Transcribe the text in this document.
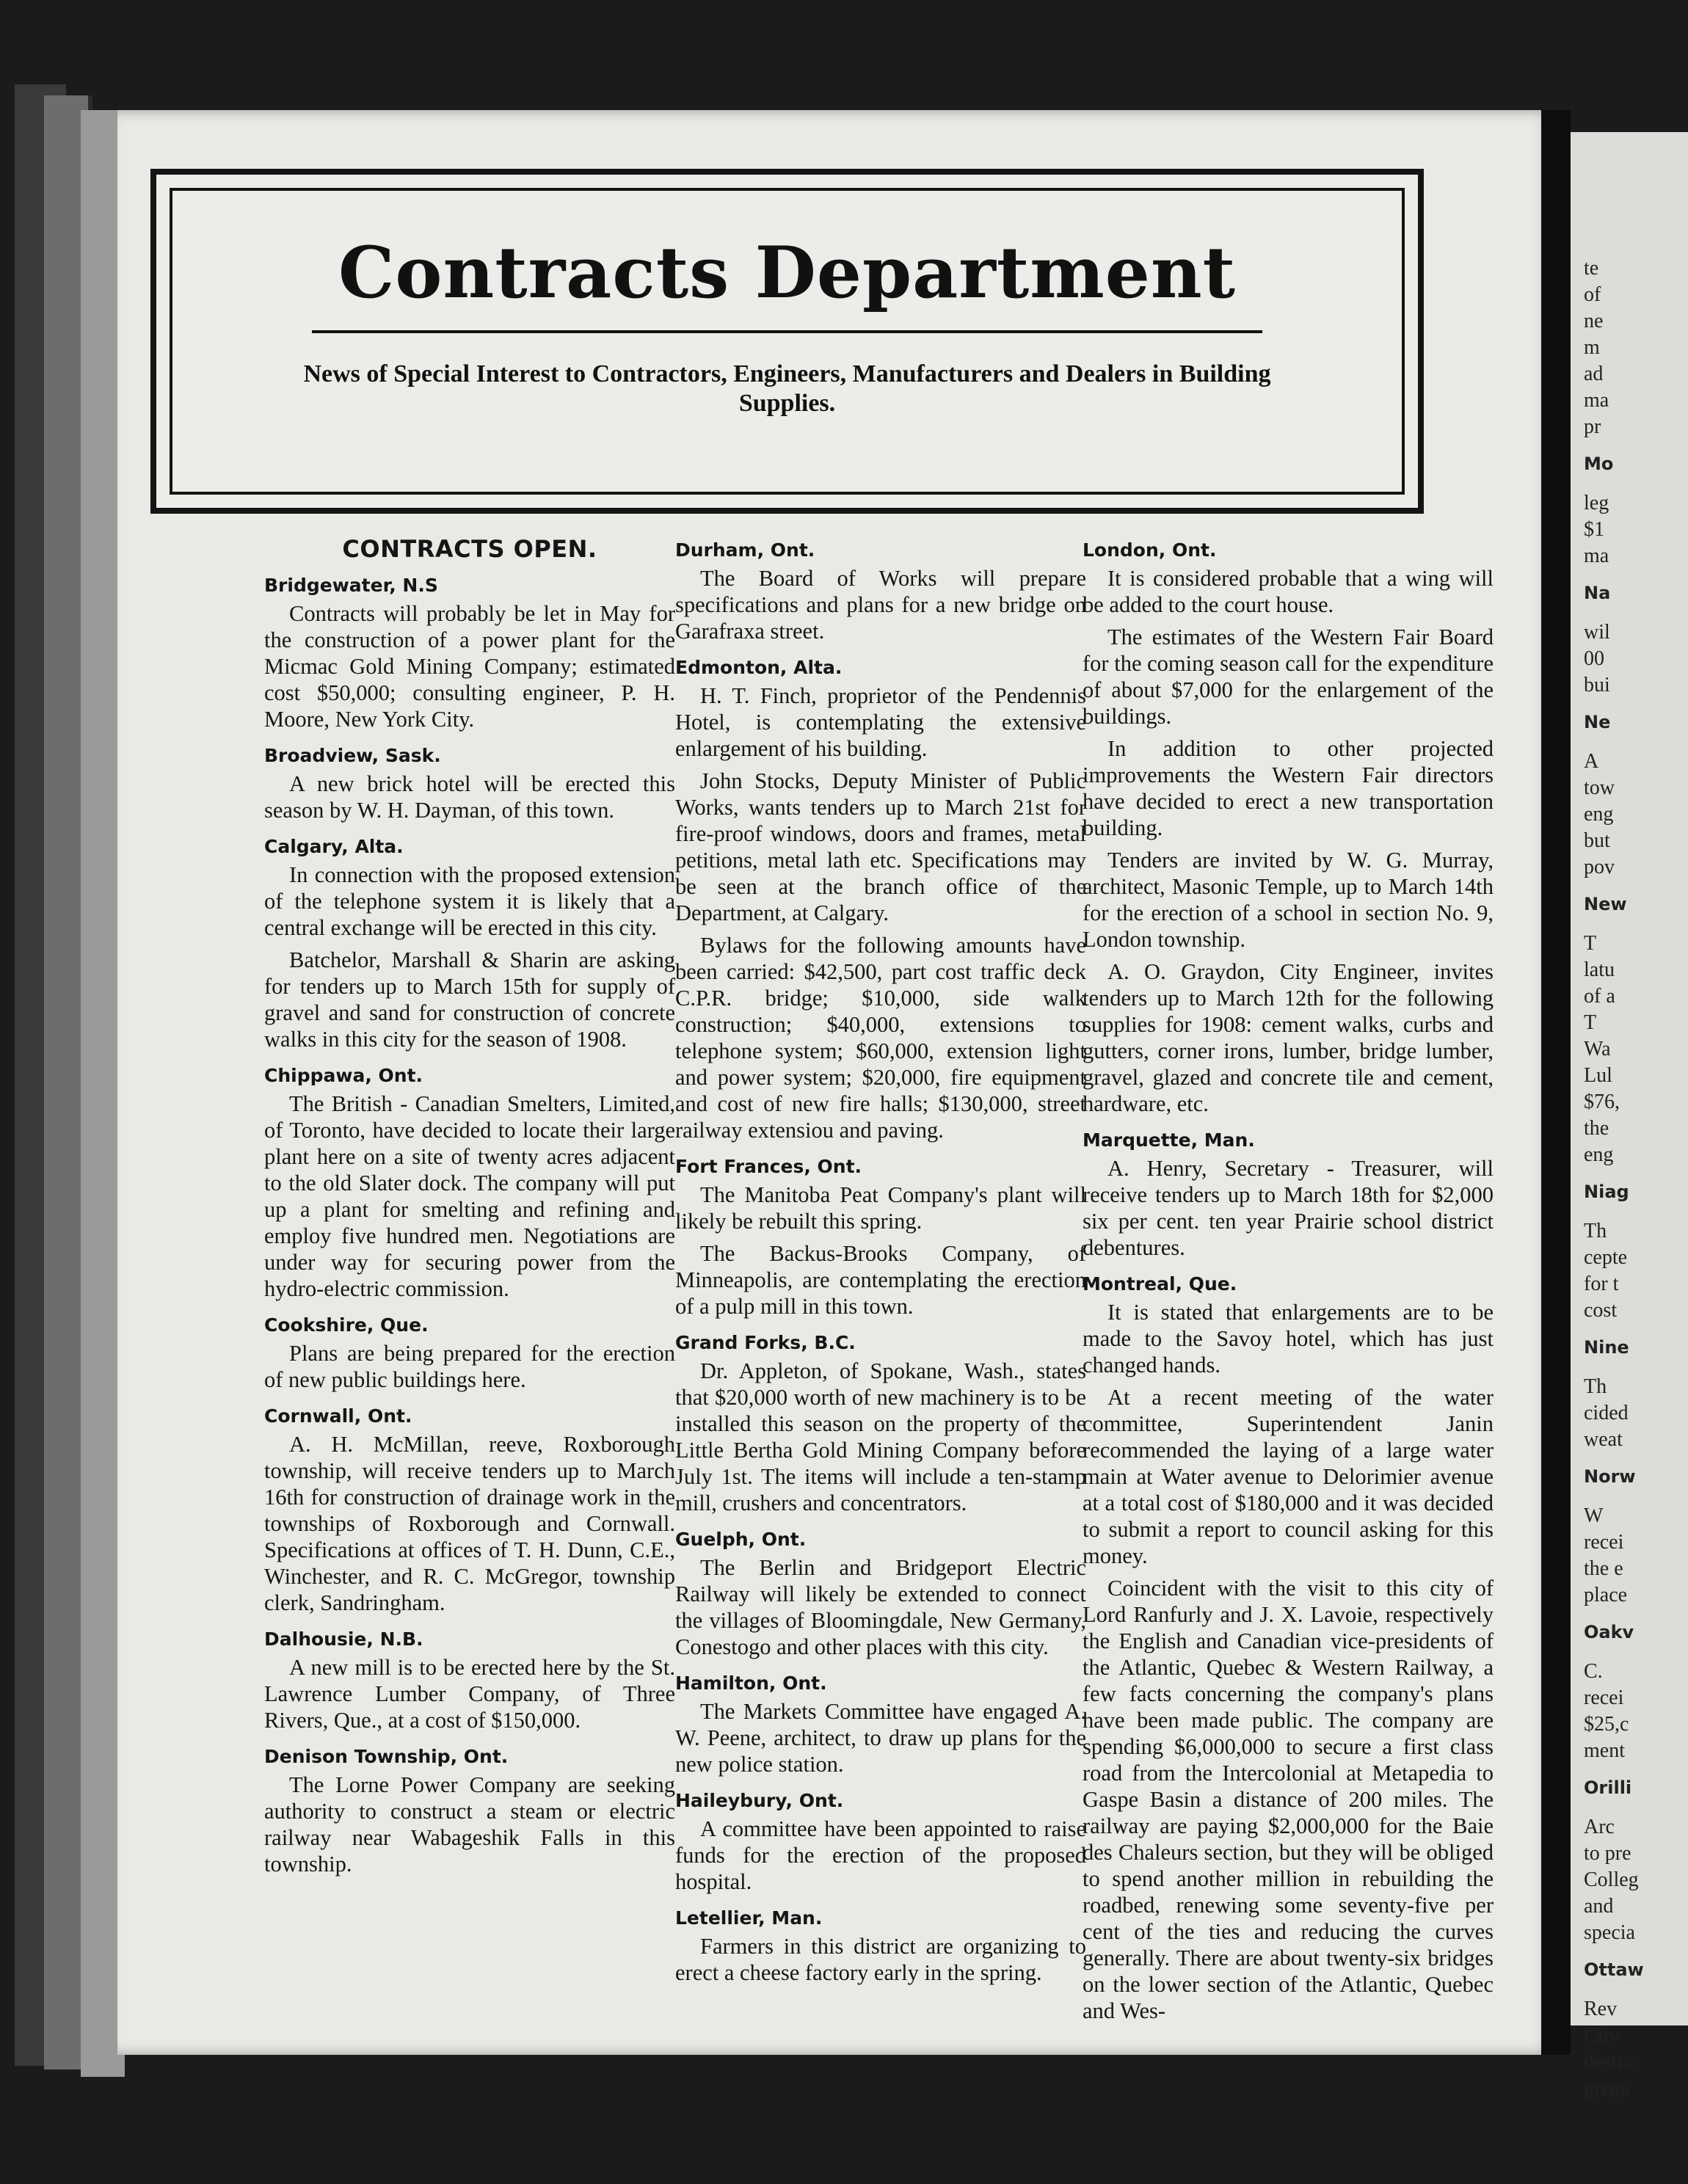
te
of
ne
m
ad
ma
pr
Mo
leg
$1
ma
Na
wil
00
bui
Ne
A
tow
eng
but
pov
New
T
latu
of a
T
Wa
Lul
$76,
the
eng
Niag
Th
cepte
for t
cost
Nine
Th
cided
weat
Norw
W
recei
the e
place
Oakv
C.
recei
$25,c
ment
Orilli
Arc
to pre
Colleg
and
specia
Ottaw
Rev
City
destro
grega
Contracts Department
News of Special Interest to Contractors, Engineers, Manufacturers and Dealers in Building Supplies.
CONTRACTS OPEN.
Bridgewater, N.S

Contracts will probably be let in May for the construction of a power plant for the Micmac Gold Mining Company; estimated cost $50,000; consulting engineer, P. H. Moore, New York City.

Broadview, Sask.

A new brick hotel will be erected this season by W. H. Dayman, of this town.

Calgary, Alta.

In connection with the proposed extension of the telephone system it is likely that a central exchange will be erected in this city.

Batchelor, Marshall & Sharin are asking for tenders up to March 15th for supply of gravel and sand for construction of concrete walks in this city for the season of 1908.

Chippawa, Ont.

The British - Canadian Smelters, Limited, of Toronto, have decided to locate their large plant here on a site of twenty acres adjacent to the old Slater dock. The company will put up a plant for smelting and refining and employ five hundred men. Negotiations are under way for securing power from the hydro-electric commission.

Cookshire, Que.

Plans are being prepared for the erection of new public buildings here.

Cornwall, Ont.

A. H. McMillan, reeve, Roxborough township, will receive tenders up to March 16th for construction of drainage work in the townships of Roxborough and Cornwall. Specifications at offices of T. H. Dunn, C.E., Winchester, and R. C. McGregor, township clerk, Sandringham.

Dalhousie, N.B.

A new mill is to be erected here by the St. Lawrence Lumber Company, of Three Rivers, Que., at a cost of $150,000.

Denison Township, Ont.

The Lorne Power Company are seeking authority to construct a steam or electric railway near Wabageshik Falls in this township.

Durham, Ont.

The Board of Works will prepare specifications and plans for a new bridge on Garafraxa street.

Edmonton, Alta.

H. T. Finch, proprietor of the Pendennis Hotel, is contemplating the extensive enlargement of his building.

John Stocks, Deputy Minister of Public Works, wants tenders up to March 21st for fire-proof windows, doors and frames, metal petitions, metal lath etc. Specifications may be seen at the branch office of the Department, at Calgary.

Bylaws for the following amounts have been carried: $42,500, part cost traffic deck C.P.R. bridge; $10,000, side walk construction; $40,000, extensions to telephone system; $60,000, extension light and power system; $20,000, fire equipment and cost of new fire halls; $130,000, street railway extensiou and paving.

Fort Frances, Ont.

The Manitoba Peat Company's plant will likely be rebuilt this spring.

The Backus-Brooks Company, of Minneapolis, are contemplating the erection of a pulp mill in this town.

Grand Forks, B.C.

Dr. Appleton, of Spokane, Wash., states that $20,000 worth of new machinery is to be installed this season on the property of the Little Bertha Gold Mining Company before July 1st. The items will include a ten-stamp mill, crushers and concentrators.

Guelph, Ont.

The Berlin and Bridgeport Electric Railway will likely be extended to connect the villages of Bloomingdale, New Germany, Conestogo and other places with this city.

Hamilton, Ont.

The Markets Committee have engaged A. W. Peene, architect, to draw up plans for the new police station.

Haileybury, Ont.

A committee have been appointed to raise funds for the erection of the proposed hospital.

Letellier, Man.

Farmers in this district are organizing to erect a cheese factory early in the spring.

London, Ont.

It is considered probable that a wing will be added to the court house.

The estimates of the Western Fair Board for the coming season call for the expenditure of about $7,000 for the enlargement of the buildings.

In addition to other projected improvements the Western Fair directors have decided to erect a new transportation building.

Tenders are invited by W. G. Murray, architect, Masonic Temple, up to March 14th for the erection of a school in section No. 9, London township.

A. O. Graydon, City Engineer, invites tenders up to March 12th for the following supplies for 1908: cement walks, curbs and gutters, corner irons, lumber, bridge lumber, gravel, glazed and concrete tile and cement, hardware, etc.

Marquette, Man.

A. Henry, Secretary - Treasurer, will receive tenders up to March 18th for $2,000 six per cent. ten year Prairie school district debentures.

Montreal, Que.

It is stated that enlargements are to be made to the Savoy hotel, which has just changed hands.

At a recent meeting of the water committee, Superintendent Janin recommended the laying of a large water main at Water avenue to Delorimier avenue at a total cost of $180,000 and it was decided to submit a report to council asking for this money.

Coincident with the visit to this city of Lord Ranfurly and J. X. Lavoie, respectively the English and Canadian vice-presidents of the Atlantic, Quebec & Western Railway, a few facts concerning the company's plans have been made public. The company are spending $6,000,000 to secure a first class road from the Intercolonial at Metapedia to Gaspe Basin a distance of 200 miles. The railway are paying $2,000,000 for the Baie des Chaleurs section, but they will be obliged to spend another million in rebuilding the roadbed, renewing some seventy-five per cent of the ties and reducing the curves generally. There are about twenty-six bridges on the lower section of the Atlantic, Quebec and Wes-
